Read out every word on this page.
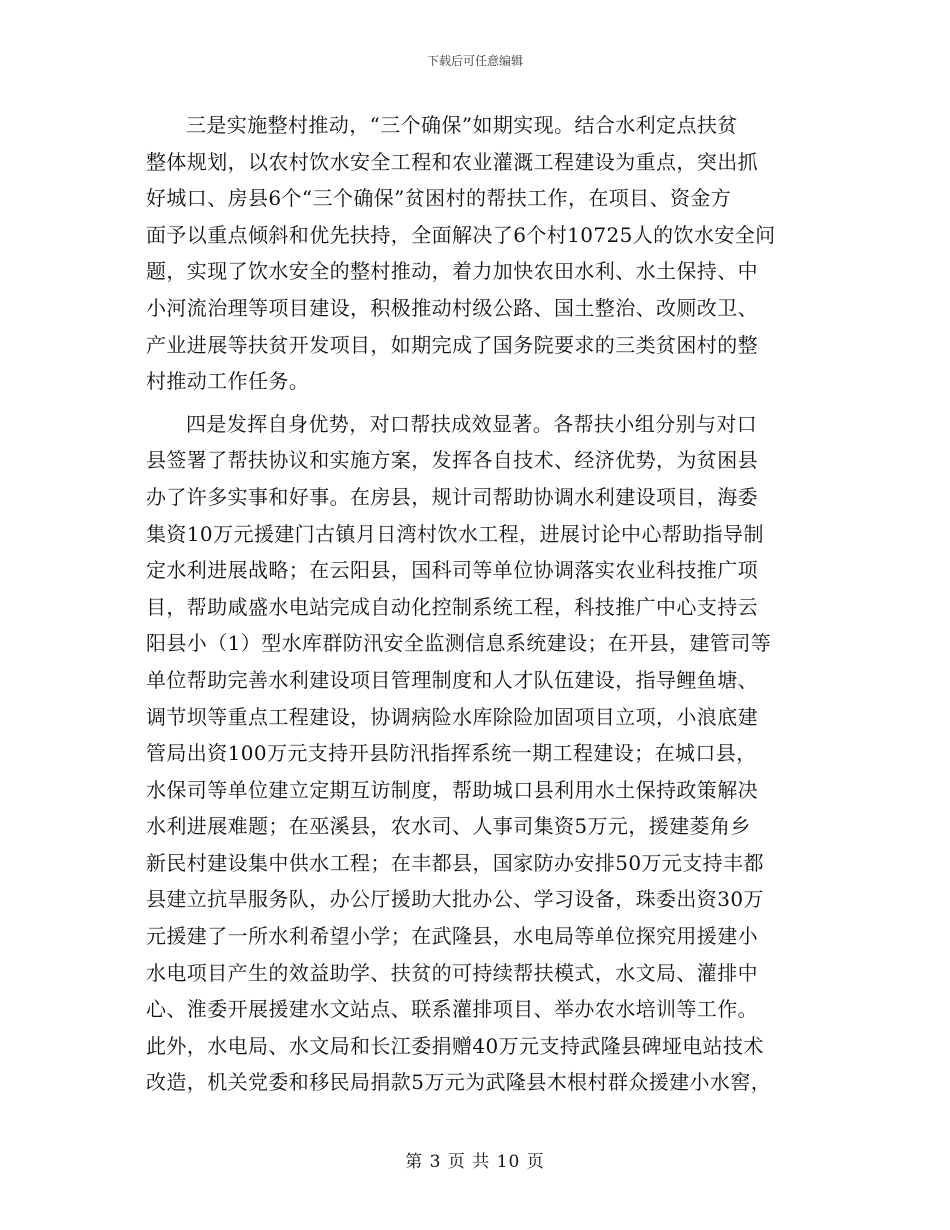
下载后可任意编辑
三是实施整村推动，“三个确保”如期实现。结合水利定点扶贫
整体规划，以农村饮水安全工程和农业灌溉工程建设为重点，突出抓
好城口、房县6个“三个确保”贫困村的帮扶工作，在项目、资金方
面予以重点倾斜和优先扶持，全面解决了6个村10725人的饮水安全问
题，实现了饮水安全的整村推动，着力加快农田水利、水土保持、中
小河流治理等项目建设，积极推动村级公路、国土整治、改厕改卫、
产业进展等扶贫开发项目，如期完成了国务院要求的三类贫困村的整
村推动工作任务。
四是发挥自身优势，对口帮扶成效显著。各帮扶小组分别与对口
县签署了帮扶协议和实施方案，发挥各自技术、经济优势，为贫困县
办了许多实事和好事。在房县，规计司帮助协调水利建设项目，海委
集资10万元援建门古镇月日湾村饮水工程，进展讨论中心帮助指导制
定水利进展战略；在云阳县，国科司等单位协调落实农业科技推广项
目，帮助咸盛水电站完成自动化控制系统工程，科技推广中心支持云
阳县小（1）型水库群防汛安全监测信息系统建设；在开县，建管司等
单位帮助完善水利建设项目管理制度和人才队伍建设，指导鲤鱼塘、
调节坝等重点工程建设，协调病险水库除险加固项目立项，小浪底建
管局出资100万元支持开县防汛指挥系统一期工程建设；在城口县，
水保司等单位建立定期互访制度，帮助城口县利用水土保持政策解决
水利进展难题；在巫溪县，农水司、人事司集资5万元，援建菱角乡
新民村建设集中供水工程；在丰都县，国家防办安排50万元支持丰都
县建立抗旱服务队，办公厅援助大批办公、学习设备，珠委出资30万
元援建了一所水利希望小学；在武隆县，水电局等单位探究用援建小
水电项目产生的效益助学、扶贫的可持续帮扶模式，水文局、灌排中
心、淮委开展援建水文站点、联系灌排项目、举办农水培训等工作。
此外，水电局、水文局和长江委捐赠40万元支持武隆县碑垭电站技术
改造，机关党委和移民局捐款5万元为武隆县木根村群众援建小水窖，
第 3 页 共 10 页
